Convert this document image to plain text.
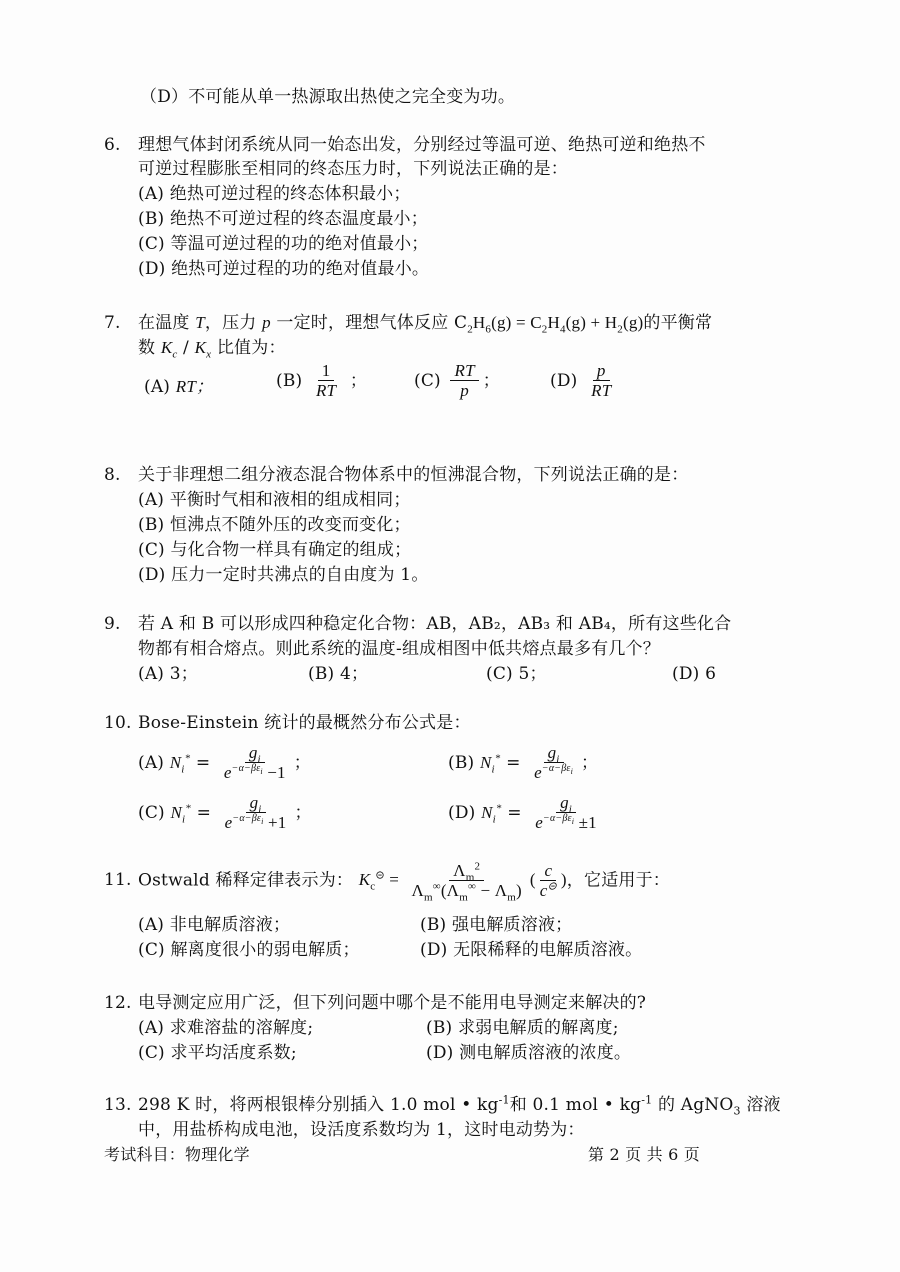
（D）不可能从单一热源取出热使之完全变为功。
6. 理想气体封闭系统从同一始态出发，分别经过等温可逆、绝热可逆和绝热不
可逆过程膨胀至相同的终态压力时，下列说法正确的是：
(A) 绝热可逆过程的终态体积最小；
(B) 绝热不可逆过程的终态温度最小；
(C) 等温可逆过程的功的绝对值最小；
(D) 绝热可逆过程的功的绝对值最小。
7. 在温度 T，压力 p 一定时，理想气体反应 $C_2H_6(g) = C_2H_4(g) + H_2(g)$的平衡常
数 $K_c / K_x$ 比值为：
(A) RT；	$(B) \frac{1}{RT}$ ；	$(C) \frac{RT}{p}$ ；	$(D) \frac{p}{RT}$
8. 关于非理想二组分液态混合物体系中的恒沸混合物，下列说法正确的是：
(A) 平衡时气相和液相的组成相同；
(B) 恒沸点不随外压的改变而变化；
(C) 与化合物一样具有确定的组成；
(D) 压力一定时共沸点的自由度为 1。
9. 若 A 和 B 可以形成四种稳定化合物：AB，AB₂，AB₃ 和 AB₄，所有这些化合
物都有相合熔点。则此系统的温度-组成相图中低共熔点最多有几个？
(A) 3；	(B) 4；	(C) 5；	(D) 6
10. Bose-Einstein 统计的最概然分布公式是：
(A) $N_i^* = \frac{g_i}{e^{-\alpha-\beta\varepsilon_i} -1}$ ；	(B) $N_i^* = \frac{g_i}{e^{-\alpha-\beta\varepsilon_i}}$ ；
(C) $N_i^* = \frac{g_i}{e^{-\alpha-\beta\varepsilon_i} +1}$ ；	(D) $N_i^* = \frac{g_i}{e^{-\alpha-\beta\varepsilon_i} \pm 1}$
11. Ostwald 稀释定律表示为： $K_c^⊝ = \frac{\Lambda_m^2}{\Lambda_m^\infty(\Lambda_m^\infty - \Lambda_m)}$ ( $\frac{c}{c^⊝}$ )，它适用于：
(A) 非电解质溶液；	(B) 强电解质溶液；
(C) 解离度很小的弱电解质；	(D) 无限稀释的电解质溶液。
12. 电导测定应用广泛，但下列问题中哪个是不能用电导测定来解决的?
(A) 求难溶盐的溶解度;	(B) 求弱电解质的解离度;
(C) 求平均活度系数;	(D) 测电解质溶液的浓度。
13. 298 K 时，将两根银棒分别插入 1.0 mol • $kg^{-1}$和 0.1 mol • $kg^{-1}$ 的 AgNO$_3$ 溶液
中，用盐桥构成电池，设活度系数均为 1，这时电动势为：
考试科目：物理化学	第 2 页 共 6 页
